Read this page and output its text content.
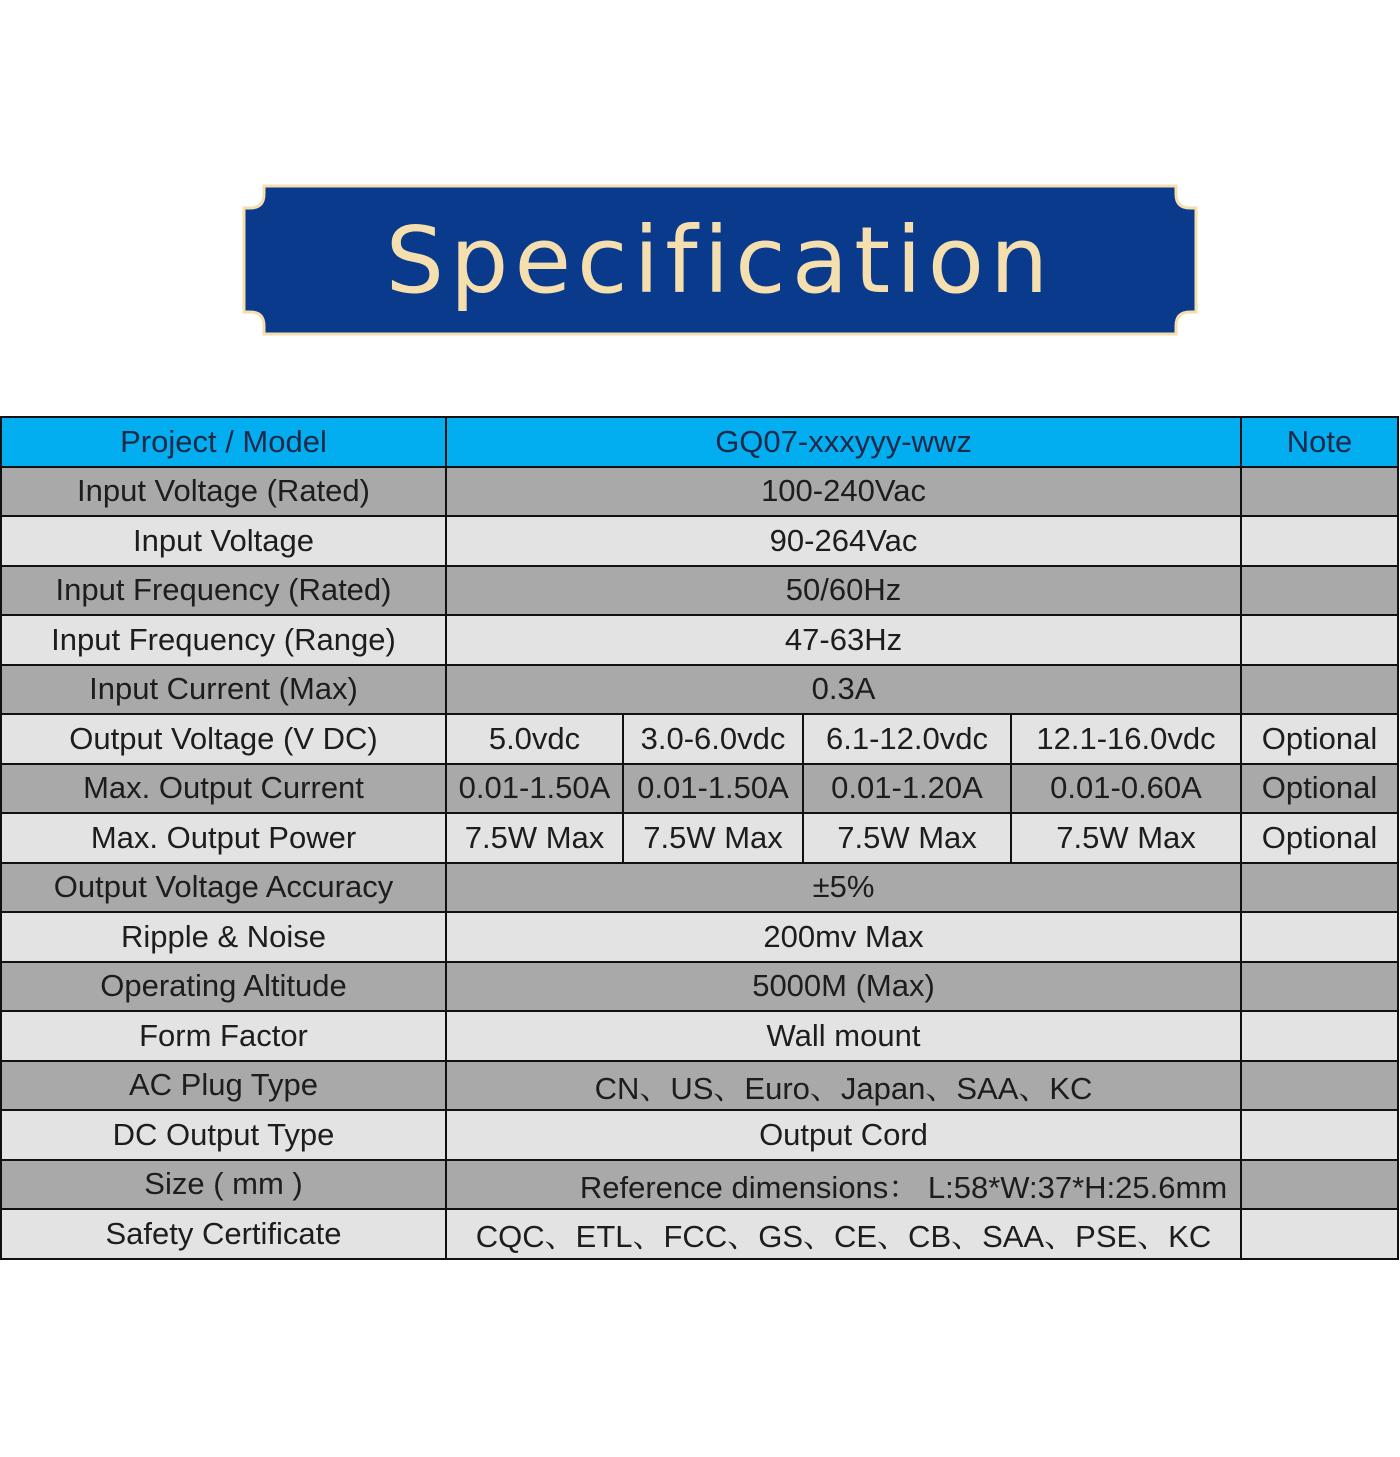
Specification
Project / Model	GQ07-xxxyyy-wwz				Note
Input Voltage (Rated)	100-240Vac				
Input Voltage	90-264Vac				
Input Frequency (Rated)	50/60Hz				
Input Frequency (Range)	47-63Hz				
Input Current (Max)	0.3A				
Output Voltage (V DC)	5.0vdc	3.0-6.0vdc	6.1-12.0vdc	12.1-16.0vdc	Optional
Max. Output Current	0.01-1.50A	0.01-1.50A	0.01-1.20A	0.01-0.60A	Optional
Max. Output Power	7.5W Max	7.5W Max	7.5W Max	7.5W Max	Optional
Output Voltage Accuracy	±5%				
Ripple & Noise	200mv Max				
Operating Altitude	5000M (Max)				
Form Factor	Wall mount				
AC Plug Type	CN、US、Euro、Japan、SAA、KC				
DC Output Type	Output Cord				
Size ( mm )	Reference dimensions： L:58*W:37*H:25.6mm				
Safety Certificate	CQC、ETL、FCC、GS、CE、CB、SAA、PSE、KC				
